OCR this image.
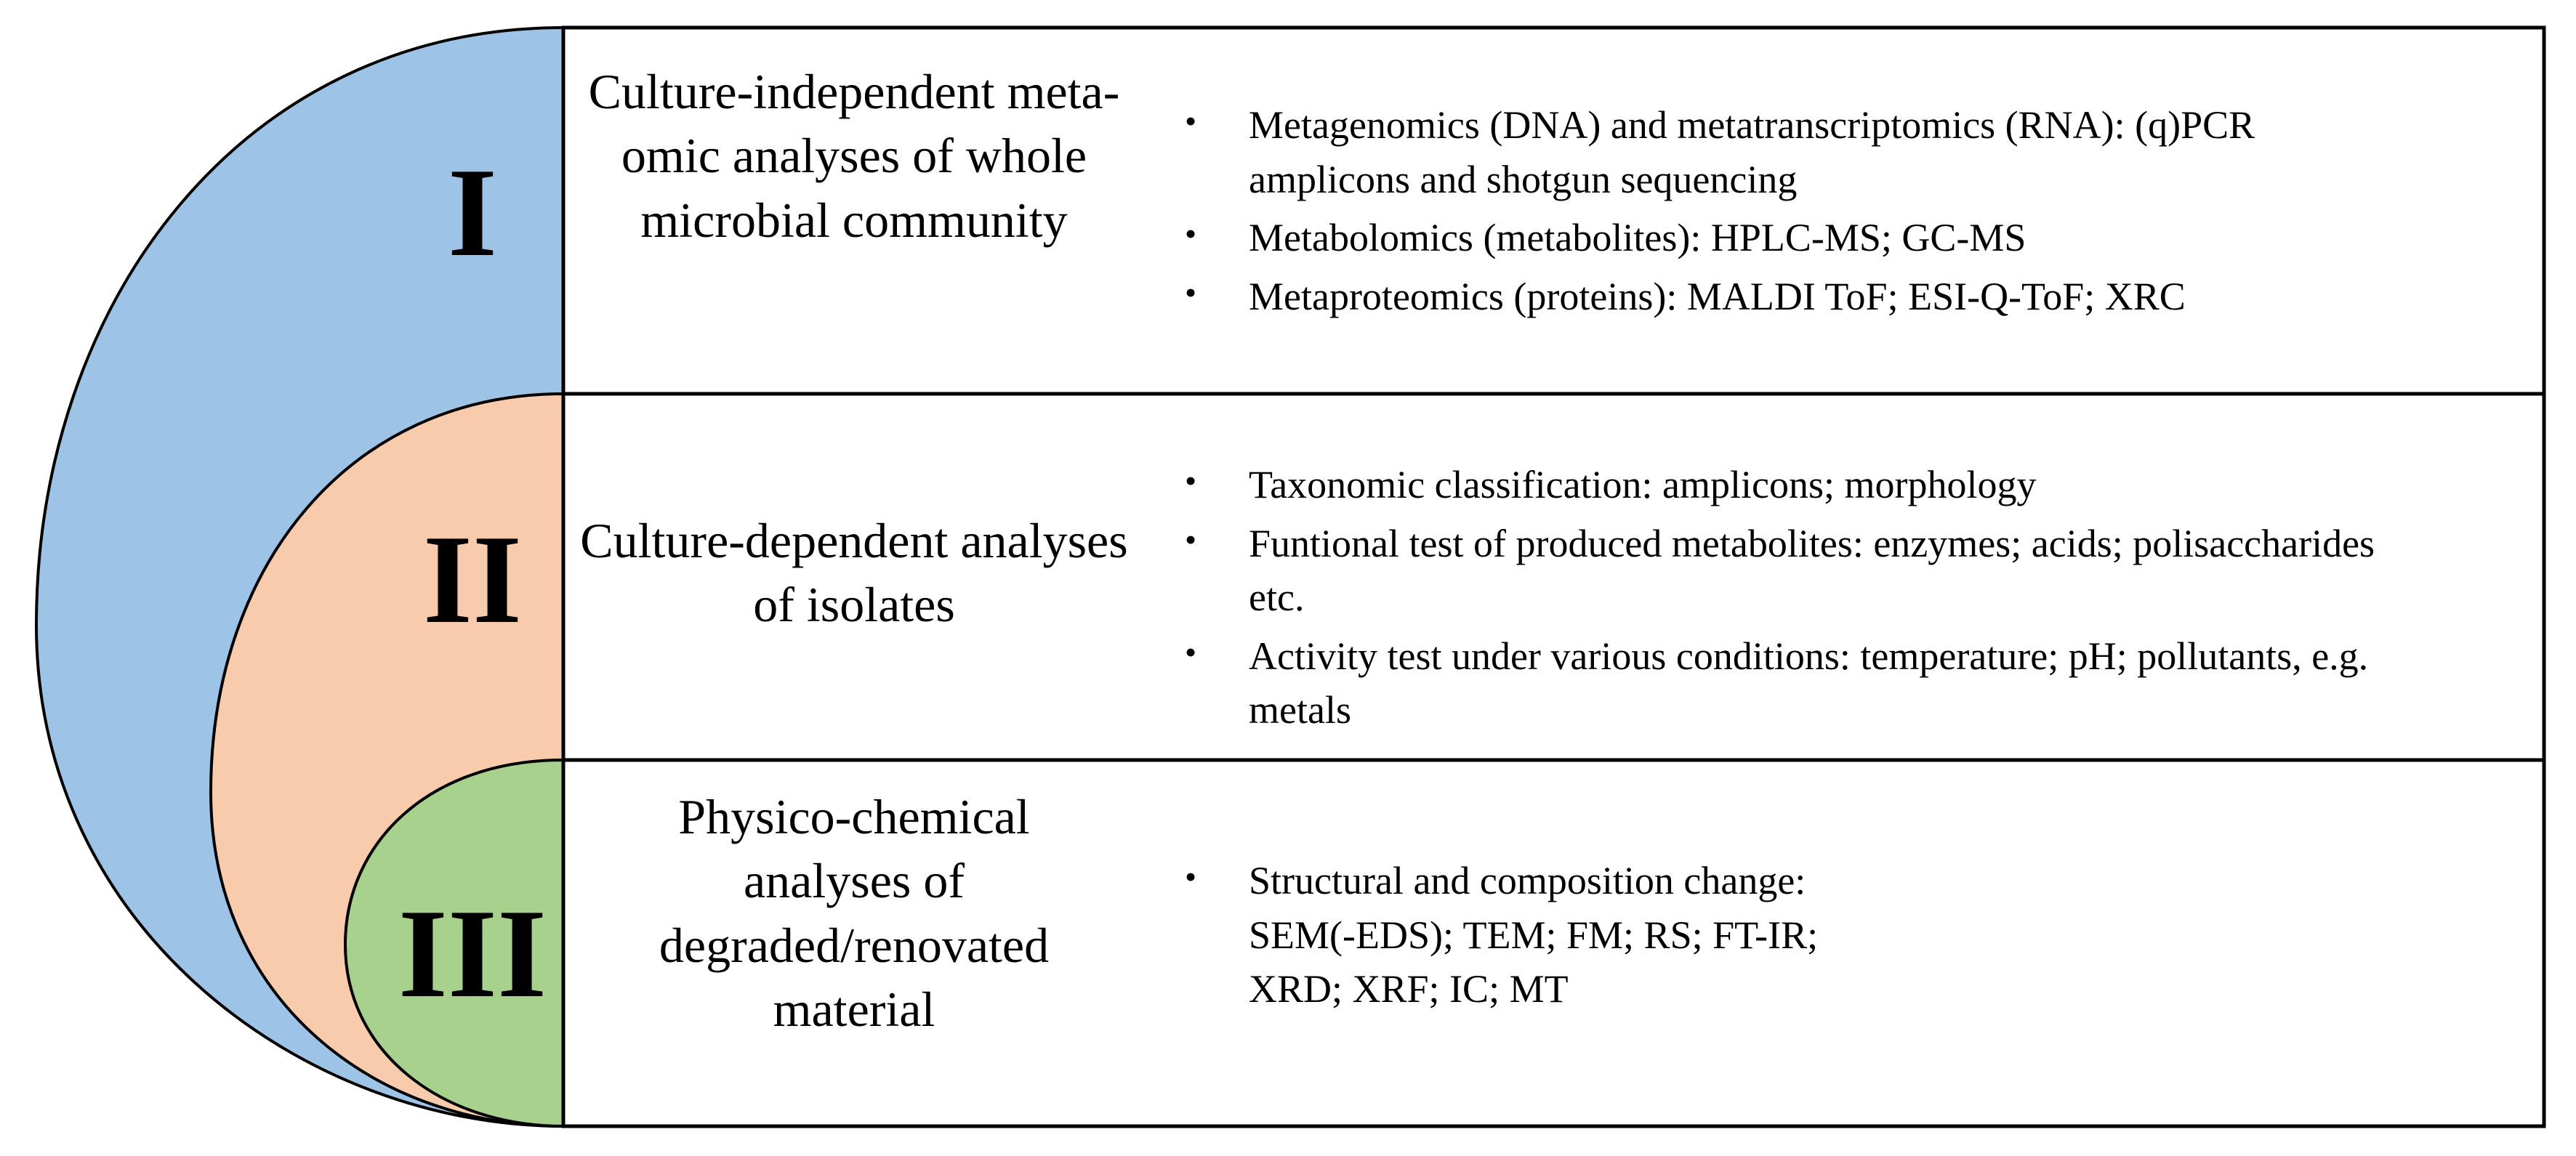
I
Culture-independent meta-omic analyses of whole microbial community
• Metagenomics (DNA) and metatranscriptomics (RNA): (q)PCR amplicons and shotgun sequencing
• Metabolomics (metabolites): HPLC-MS; GC-MS
• Metaproteomics (proteins): MALDI ToF; ESI-Q-ToF; XRC
II	Culture-dependent analyses of isolates
• Taxonomic classification: amplicons; morphology
• Funtional test of produced metabolites: enzymes; acids; polisaccharides etc.
• Activity test under various conditions: temperature; pH; pollutants, e.g. metals
III
Physico-chemical analyses of degraded/renovated material
• Structural and composition change: SEM(-EDS); TEM; FM; RS; FT-IR; XRD; XRF; IC; MT
